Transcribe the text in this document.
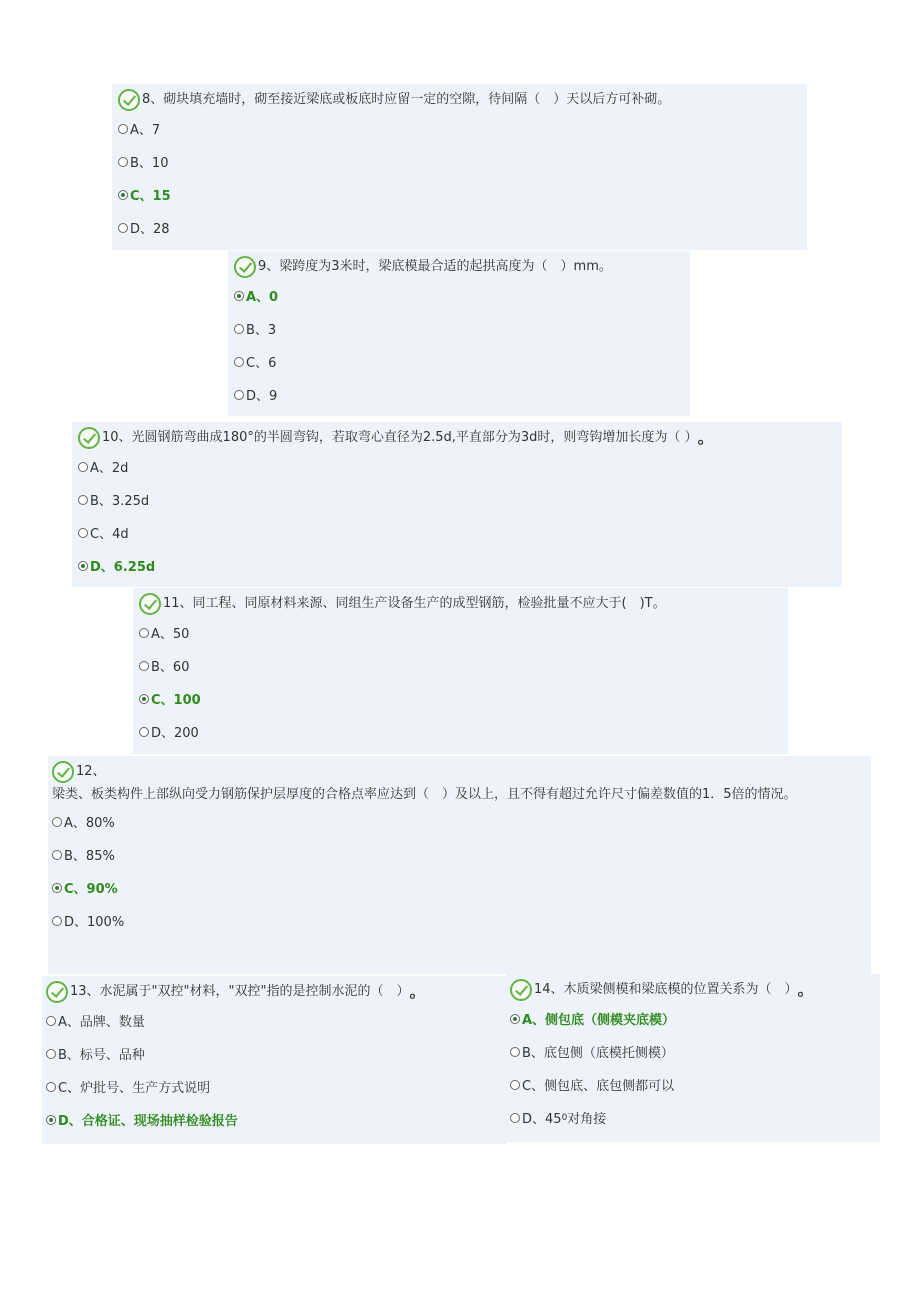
8、砌块填充墙时，砌至接近梁底或板底时应留一定的空隙，待间隔（　）天以后方可补砌。
A、7
B、10
C、15
D、28
9、梁跨度为3米时，梁底模最合适的起拱高度为（　）mm。
A、0
B、3
C、6
D、9
10、光圆钢筋弯曲成180°的半圆弯钩，若取弯心直径为2.5d,平直部分为3d时，则弯钩增加长度为（ ） 。
A、2d
B、3.25d
C、4d
D、6.25d
11、同工程、同原材料来源、同组生产设备生产的成型钢筋，检验批量不应大于(　)T。
A、50
B、60
C、100
D、200
12、
梁类、板类构件上部纵向受力钢筋保护层厚度的合格点率应达到（　）及以上，且不得有超过允许尺寸偏差数值的1．5倍的情况。
A、80%
B、85%
C、90%
D、100%
13、水泥属于"双控"材料，"双控"指的是控制水泥的（　） 。
A、品牌、数量
B、标号、品种
C、炉批号、生产方式说明
D、合格证、现场抽样检验报告
14、木质梁侧模和梁底模的位置关系为（　） 。
A、侧包底（侧模夹底模）
B、底包侧（底模托侧模）
C、侧包底、底包侧都可以
D、45 0 对角接
